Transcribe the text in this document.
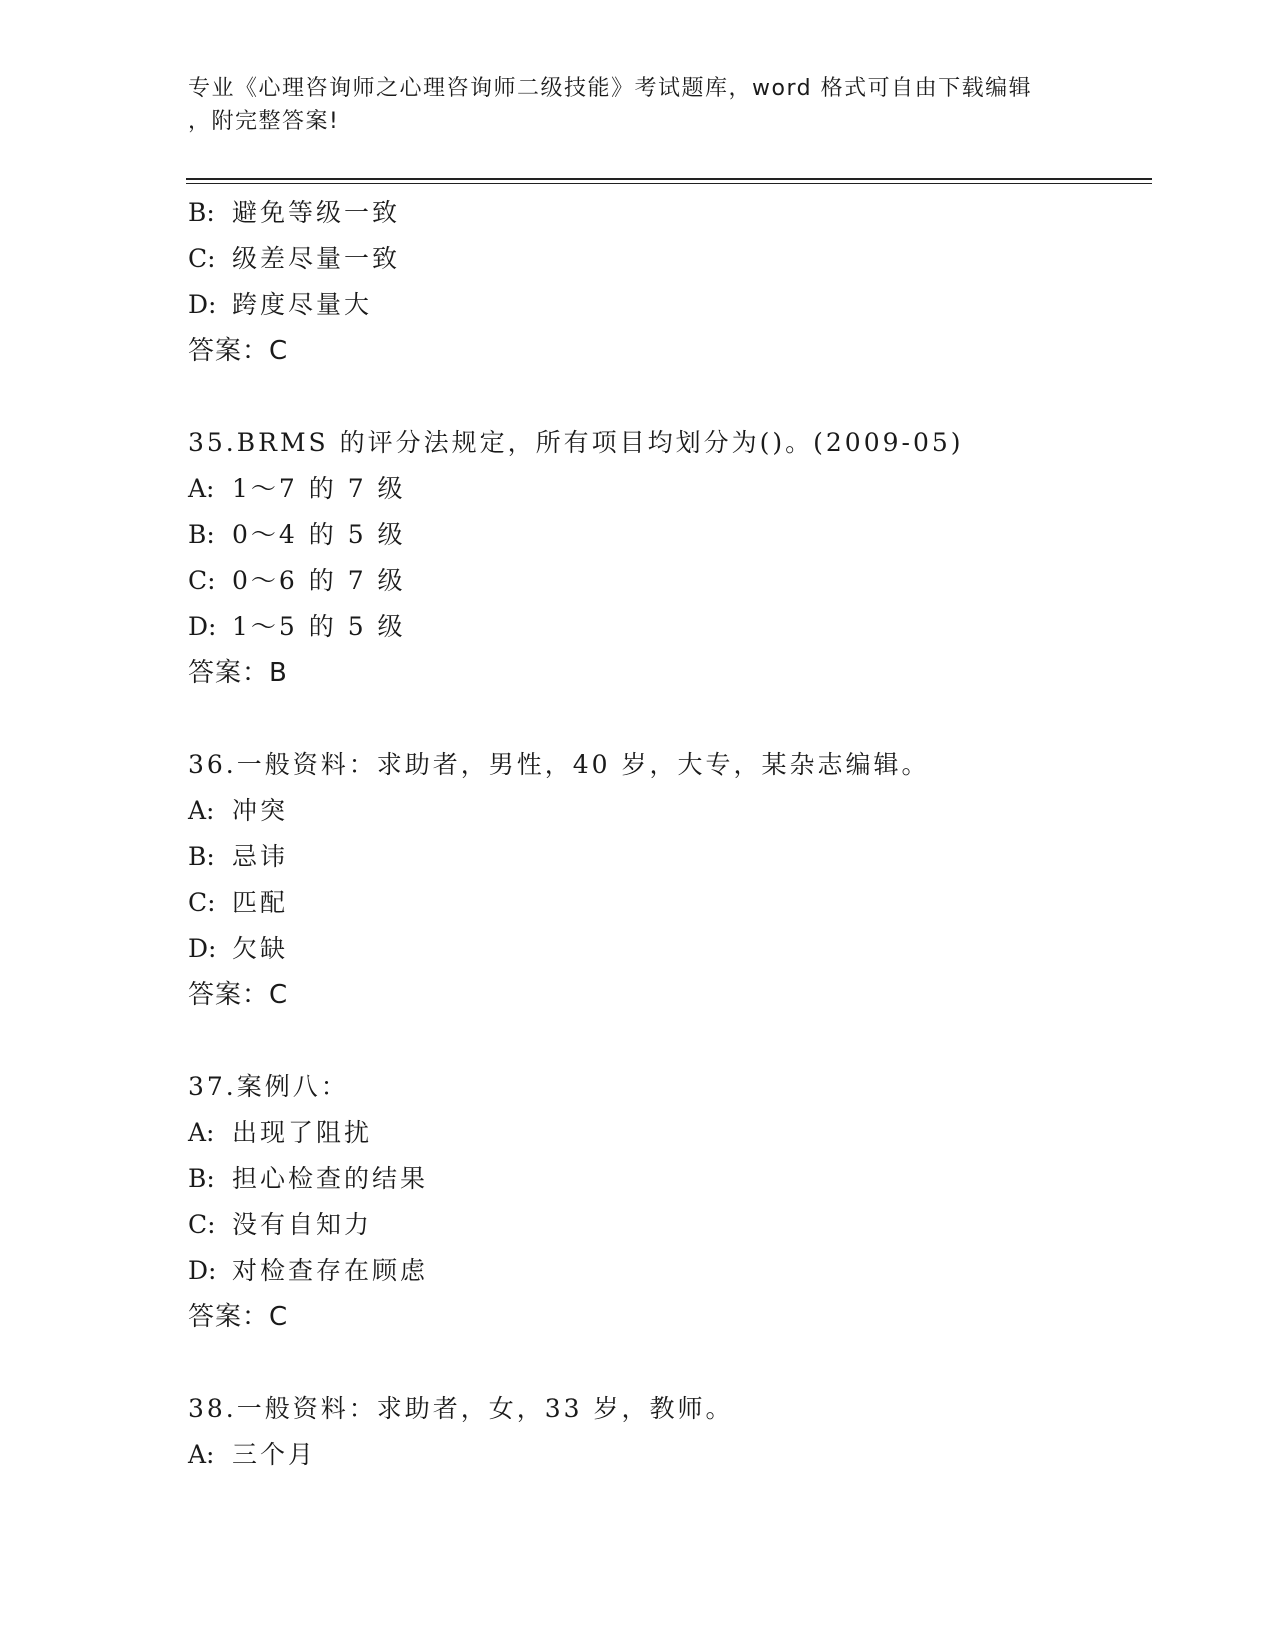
专业《心理咨询师之心理咨询师二级技能》考试题库，word 格式可自由下载编辑
，附完整答案!
B: 避免等级一致
C: 级差尽量一致
D: 跨度尽量大
答案：C
35.BRMS 的评分法规定，所有项目均划分为()。(2009-05)
A: 1～7 的 7 级
B: 0～4 的 5 级
C: 0～6 的 7 级
D: 1～5 的 5 级
答案：B
36.一般资料：求助者，男性，40 岁，大专，某杂志编辑。
A: 冲突
B: 忌讳
C: 匹配
D: 欠缺
答案：C
37.案例八：
A: 出现了阻扰
B: 担心检查的结果
C: 没有自知力
D: 对检查存在顾虑
答案：C
38.一般资料：求助者，女，33 岁，教师。
A: 三个月
